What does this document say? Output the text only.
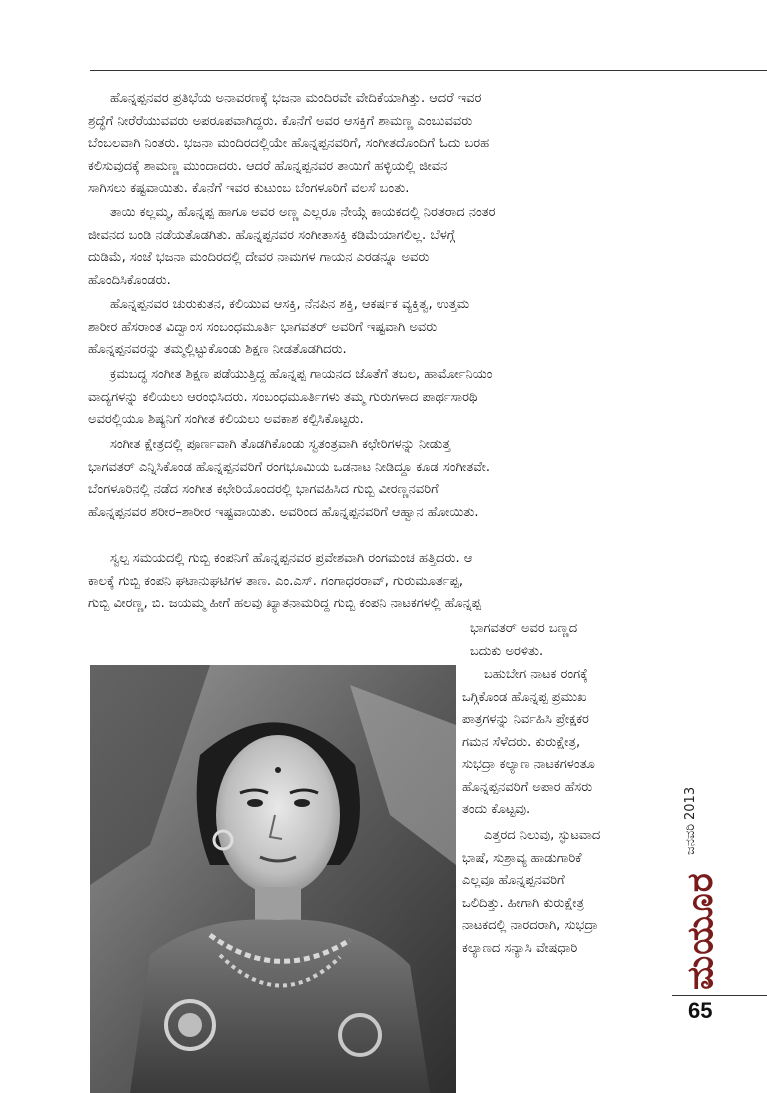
ಹೊನ್ನಪ್ಪನವರ ಪ್ರತಿಭೆಯ ಅನಾವರಣಕ್ಕೆ ಭಜನಾ ಮಂದಿರವೇ ವೇದಿಕೆಯಾಗಿತ್ತು. ಆದರೆ ಇವರ
ಶ್ರದ್ಧೆಗೆ ನೀರೆರೆಯುವವರು ಅಪರೂಪವಾಗಿದ್ದರು. ಕೊನೆಗೆ ಅವರ ಆಸಕ್ತಿಗೆ ಶಾಮಣ್ಣ ಎಂಬುವವರು
ಬೆಂಬಲವಾಗಿ ನಿಂತರು. ಭಜನಾ ಮಂದಿರದಲ್ಲಿಯೇ ಹೊನ್ನಪ್ಪನವರಿಗೆ, ಸಂಗೀತದೊಂದಿಗೆ ಓದು ಬರಹ
ಕಲಿಸುವುದಕ್ಕೆ ಶಾಮಣ್ಣ ಮುಂದಾದರು. ಆದರೆ ಹೊನ್ನಪ್ಪನವರ ತಾಯಿಗೆ ಹಳ್ಳಿಯಲ್ಲಿ ಜೀವನ
ಸಾಗಿಸಲು ಕಷ್ಟವಾಯಿತು. ಕೊನೆಗೆ ಇವರ ಕುಟುಂಬ ಬೆಂಗಳೂರಿಗೆ ವಲಸೆ ಬಂತು.

ತಾಯಿ ಕಲ್ಲಮ್ಮ, ಹೊನ್ನಪ್ಪ ಹಾಗೂ ಅವರ ಅಣ್ಣ ಎಲ್ಲರೂ ನೇಯ್ಗೆ ಕಾಯಕದಲ್ಲಿ ನಿರತರಾದ ನಂತರ
ಜೀವನದ ಬಂಡಿ ನಡೆಯತೊಡಗಿತು. ಹೊನ್ನಪ್ಪನವರ ಸಂಗೀತಾಸಕ್ತಿ ಕಡಿಮೆಯಾಗಲಿಲ್ಲ. ಬೆಳಗ್ಗೆ
ದುಡಿಮೆ, ಸಂಜೆ ಭಜನಾ ಮಂದಿರದಲ್ಲಿ ದೇವರ ನಾಮಗಳ ಗಾಯನ ಎರಡನ್ನೂ ಅವರು
ಹೊಂದಿಸಿಕೊಂಡರು.

ಹೊನ್ನಪ್ಪನವರ ಚುರುಕುತನ, ಕಲಿಯುವ ಆಸಕ್ತಿ, ನೆನಪಿನ ಶಕ್ತಿ, ಆಕರ್ಷಕ ವ್ಯಕ್ತಿತ್ವ, ಉತ್ತಮ
ಶಾರೀರ ಹೆಸರಾಂತ ವಿದ್ವಾಂಸ ಸಂಬಂಧಮೂರ್ತಿ ಭಾಗವತರ್ ಅವರಿಗೆ ಇಷ್ಟವಾಗಿ ಅವರು
ಹೊನ್ನಪ್ಪನವರನ್ನು ತಮ್ಮಲ್ಲಿಟ್ಟುಕೊಂಡು ಶಿಕ್ಷಣ ನೀಡತೊಡಗಿದರು.

ಕ್ರಮಬದ್ಧ ಸಂಗೀತ ಶಿಕ್ಷಣ ಪಡೆಯುತ್ತಿದ್ದ ಹೊನ್ನಪ್ಪ ಗಾಯನದ ಜೊತೆಗೆ ತಬಲ, ಹಾರ್ಮೋನಿಯಂ
ವಾದ್ಯಗಳನ್ನು ಕಲಿಯಲು ಆರಂಭಿಸಿದರು. ಸಂಬಂಧಮೂರ್ತಿಗಳು ತಮ್ಮ ಗುರುಗಳಾದ ಪಾರ್ಥಸಾರಥಿ
ಅವರಲ್ಲಿಯೂ ಶಿಷ್ಯನಿಗೆ ಸಂಗೀತ ಕಲಿಯಲು ಅವಕಾಶ ಕಲ್ಪಿಸಿಕೊಟ್ಟರು.

ಸಂಗೀತ ಕ್ಷೇತ್ರದಲ್ಲಿ ಪೂರ್ಣವಾಗಿ ತೊಡಗಿಕೊಂಡು ಸ್ವತಂತ್ರವಾಗಿ ಕಛೇರಿಗಳನ್ನು ನೀಡುತ್ತ
ಭಾಗವತರ್ ಎನ್ನಿಸಿಕೊಂಡ ಹೊನ್ನಪ್ಪನವರಿಗೆ ರಂಗಭೂಮಿಯ ಒಡನಾಟ ನೀಡಿದ್ದೂ ಕೂಡ ಸಂಗೀತವೇ.
ಬೆಂಗಳೂರಿನಲ್ಲಿ ನಡೆದ ಸಂಗೀತ ಕಛೇರಿಯೊಂದರಲ್ಲಿ ಭಾಗವಹಿಸಿದ ಗುಬ್ಬಿ ವೀರಣ್ಣನವರಿಗೆ
ಹೊನ್ನಪ್ಪನವರ ಶರೀರ–ಶಾರೀರ ಇಷ್ಟವಾಯಿತು. ಅವರಿಂದ ಹೊನ್ನಪ್ಪನವರಿಗೆ ಆಹ್ವಾನ ಹೋಯಿತು.

ಸ್ವಲ್ಪ ಸಮಯದಲ್ಲಿ ಗುಬ್ಬಿ ಕಂಪನಿಗೆ ಹೊನ್ನಪ್ಪನವರ ಪ್ರವೇಶವಾಗಿ ರಂಗಮಂಚ ಹತ್ತಿದರು. ಆ
ಕಾಲಕ್ಕೆ ಗುಬ್ಬಿ ಕಂಪನಿ ಘಟಾನುಘಟಿಗಳ ತಾಣ. ಎಂ.ಎಸ್. ಗಂಗಾಧರರಾವ್, ಗುರುಮೂರ್ತಪ್ಪ,
ಗುಬ್ಬಿ ವೀರಣ್ಣ, ಬಿ. ಜಯಮ್ಮ ಹೀಗೆ ಹಲವು ಖ್ಯಾತನಾಮರಿದ್ದ ಗುಬ್ಬಿ ಕಂಪನಿ ನಾಟಕಗಳಲ್ಲಿ ಹೊನ್ನಪ್ಪ

ಭಾಗವತರ್ ಅವರ ಬಣ್ಣದ
ಬದುಕು ಅರಳಿತು.

ಬಹುಬೇಗ ನಾಟಕ ರಂಗಕ್ಕೆ
ಒಗ್ಗಿಕೊಂಡ ಹೊನ್ನಪ್ಪ ಪ್ರಮುಖ
ಪಾತ್ರಗಳನ್ನು ನಿರ್ವಹಿಸಿ ಪ್ರೇಕ್ಷಕರ
ಗಮನ ಸೆಳೆದರು. ಕುರುಕ್ಷೇತ್ರ,
ಸುಭದ್ರಾ ಕಲ್ಯಾಣ ನಾಟಕಗಳಂತೂ
ಹೊನ್ನಪ್ಪನವರಿಗೆ ಅಪಾರ ಹೆಸರು
ತಂದು ಕೊಟ್ಟವು.

ಎತ್ತರದ ನಿಲುವು, ಸ್ಫುಟವಾದ
ಭಾಷೆ, ಸುಶ್ರಾವ್ಯ ಹಾಡುಗಾರಿಕೆ
ಎಲ್ಲವೂ ಹೊನ್ನಪ್ಪನವರಿಗೆ
ಒಲಿದಿತ್ತು. ಹೀಗಾಗಿ ಕುರುಕ್ಷೇತ್ರ
ನಾಟಕದಲ್ಲಿ ನಾರದರಾಗಿ, ಸುಭದ್ರಾ
ಕಲ್ಯಾಣದ ಸನ್ಯಾಸಿ ವೇಷಧಾರಿ	ಮಯೂರ
ಜನವರಿ
2013
65
